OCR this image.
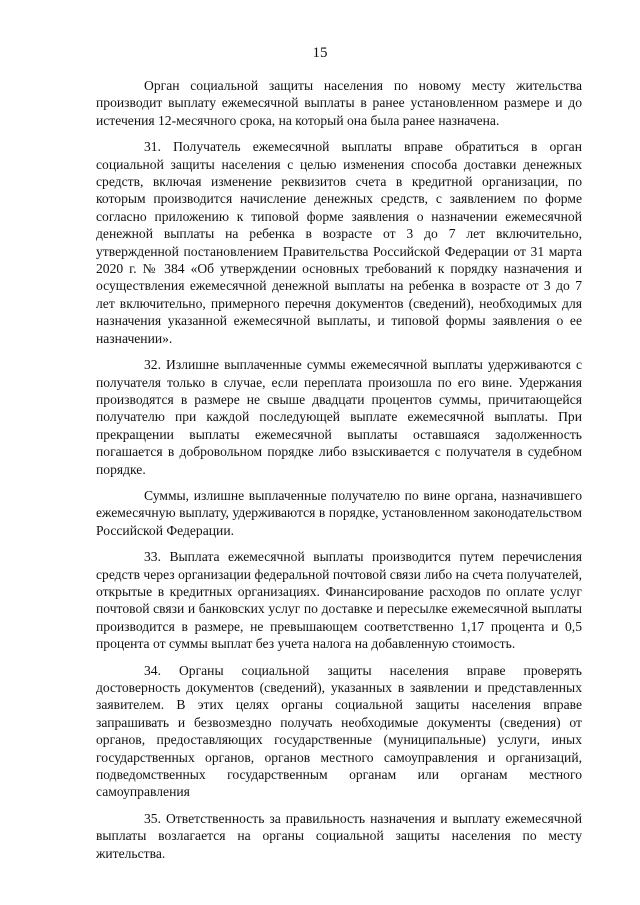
15

Орган социальной защиты населения по новому месту жительства производит выплату ежемесячной выплаты в ранее установленном размере и до истечения 12-месячного срока, на который она была ранее назначена.

31. Получатель ежемесячной выплаты вправе обратиться в орган социальной защиты населения с целью изменения способа доставки денежных средств, включая изменение реквизитов счета в кредитной организации, по которым производится начисление денежных средств, с заявлением по форме согласно приложению к типовой форме заявления о назначении ежемесячной денежной выплаты на ребенка в возрасте от 3 до 7 лет включительно, утвержденной постановлением Правительства Российской Федерации от 31 марта 2020 г. № 384 «Об утверждении основных требований к порядку назначения и осуществления ежемесячной денежной выплаты на ребенка в возрасте от 3 до 7 лет включительно, примерного перечня документов (сведений), необходимых для назначения указанной ежемесячной выплаты, и типовой формы заявления о ее назначении».

32. Излишне выплаченные суммы ежемесячной выплаты удерживаются с получателя только в случае, если переплата произошла по его вине. Удержания производятся в размере не свыше двадцати процентов суммы, причитающейся получателю при каждой последующей выплате ежемесячной выплаты. При прекращении выплаты ежемесячной выплаты оставшаяся задолженность погашается в добровольном порядке либо взыскивается с получателя в судебном порядке.

Суммы, излишне выплаченные получателю по вине органа, назначившего ежемесячную выплату, удерживаются в порядке, установленном законодательством Российской Федерации.

33. Выплата ежемесячной выплаты производится путем перечисления средств через организации федеральной почтовой связи либо на счета получателей, открытые в кредитных организациях. Финансирование расходов по оплате услуг почтовой связи и банковских услуг по доставке и пересылке ежемесячной выплаты производится в размере, не превышающем соответственно 1,17 процента и 0,5 процента от суммы выплат без учета налога на добавленную стоимость.

34. Органы социальной защиты населения вправе проверять достоверность документов (сведений), указанных в заявлении и представленных заявителем. В этих целях органы социальной защиты населения вправе запрашивать и безвозмездно получать необходимые документы (сведения) от органов, предоставляющих государственные (муниципальные) услуги, иных государственных органов, органов местного самоуправления и организаций, подведомственных государственным органам или органам местного самоуправления

35. Ответственность за правильность назначения и выплату ежемесячной выплаты возлагается на органы социальной защиты населения по месту жительства.
